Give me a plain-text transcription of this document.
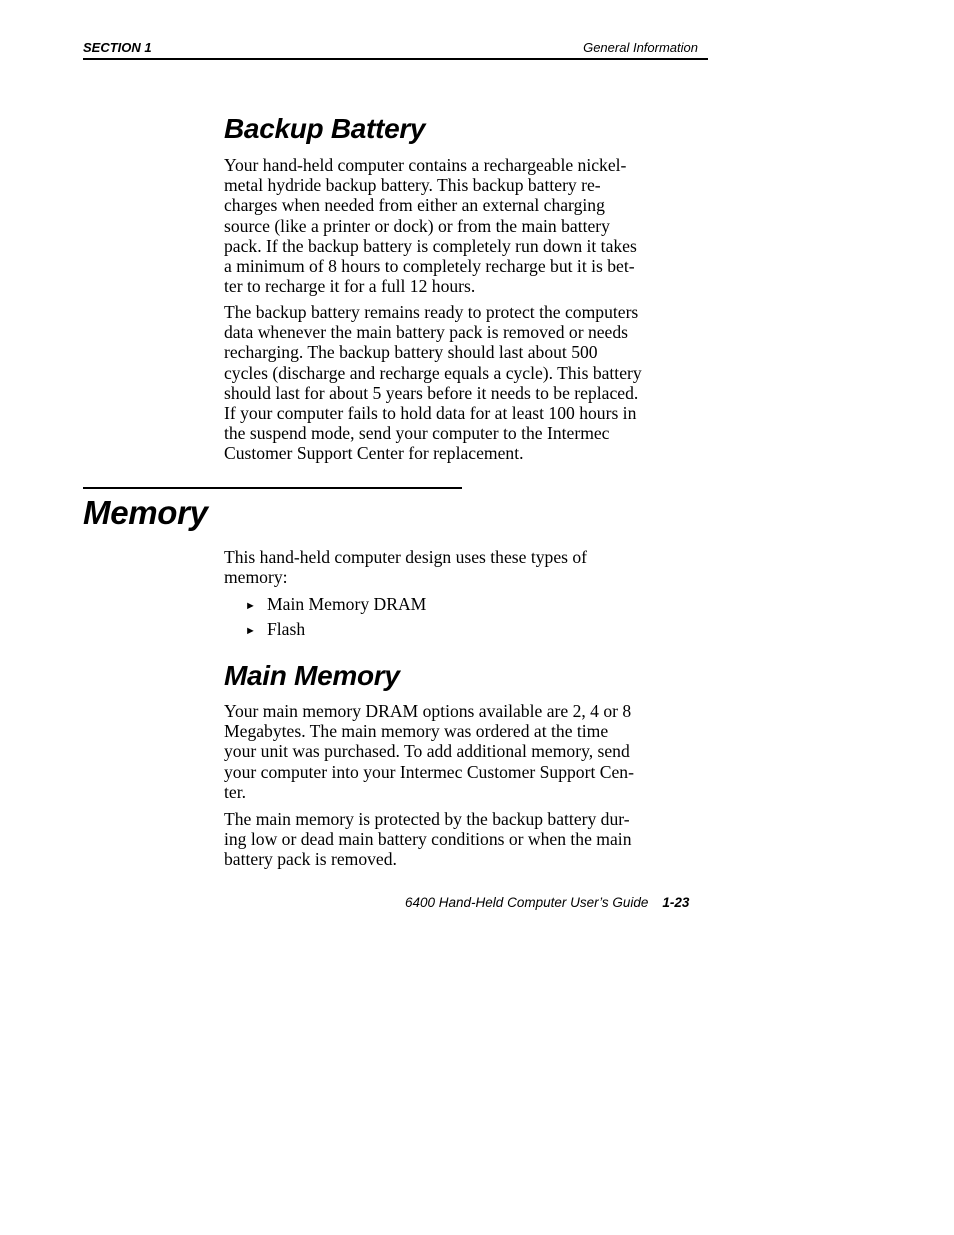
SECTION 1	General Information
Backup Battery
Your hand-held computer contains a rechargeable nickel-
metal hydride backup battery. This backup battery re-
charges when needed from either an external charging
source (like a printer or dock) or from the main battery
pack. If the backup battery is completely run down it takes
a minimum of 8 hours to completely recharge but it is bet-
ter to recharge it for a full 12 hours.
The backup battery remains ready to protect the computers
data whenever the main battery pack is removed or needs
recharging. The backup battery should last about 500
cycles (discharge and recharge equals a cycle). This battery
should last for about 5 years before it needs to be replaced.
If your computer fails to hold data for at least 100 hours in
the suspend mode, send your computer to the Intermec
Customer Support Center for replacement.
Memory
This hand-held computer design uses these types of
memory:
► Main Memory DRAM
► Flash
Main Memory
Your main memory DRAM options available are 2, 4 or 8
Megabytes. The main memory was ordered at the time
your unit was purchased. To add additional memory, send
your computer into your Intermec Customer Support Cen-
ter.
The main memory is protected by the backup battery dur-
ing low or dead main battery conditions or when the main
battery pack is removed.
6400 Hand-Held Computer User’s Guide 1-23
